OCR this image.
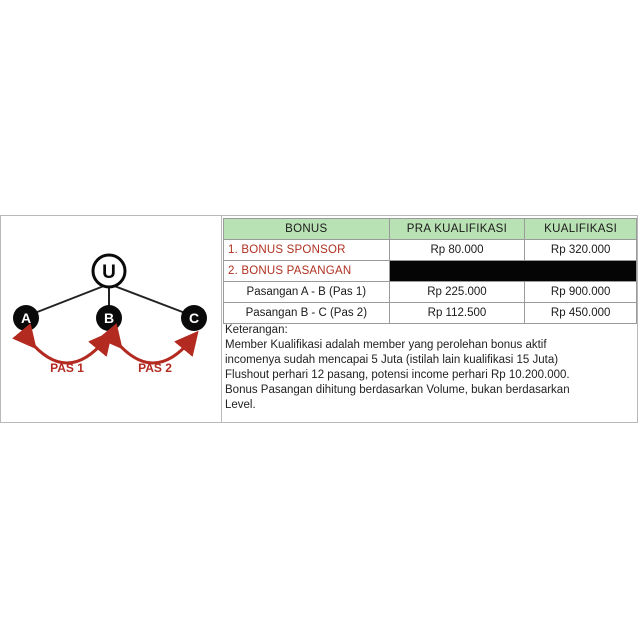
U
A	B	C
PAS 1	PAS 2
BONUS	PRA KUALIFIKASI	KUALIFIKASI
1. BONUS SPONSOR	Rp 80.000	Rp 320.000
2. BONUS PASANGAN		
Pasangan A - B (Pas 1)	Rp 225.000	Rp 900.000
Pasangan B - C (Pas 2)	Rp 112.500	Rp 450.000
Keterangan:
Member Kualifikasi adalah member yang perolehan bonus aktif
incomenya sudah mencapai 5 Juta (istilah lain kualifikasi 15 Juta)
Flushout perhari 12 pasang, potensi income perhari Rp 10.200.000.
Bonus Pasangan dihitung berdasarkan Volume, bukan berdasarkan
Level.
